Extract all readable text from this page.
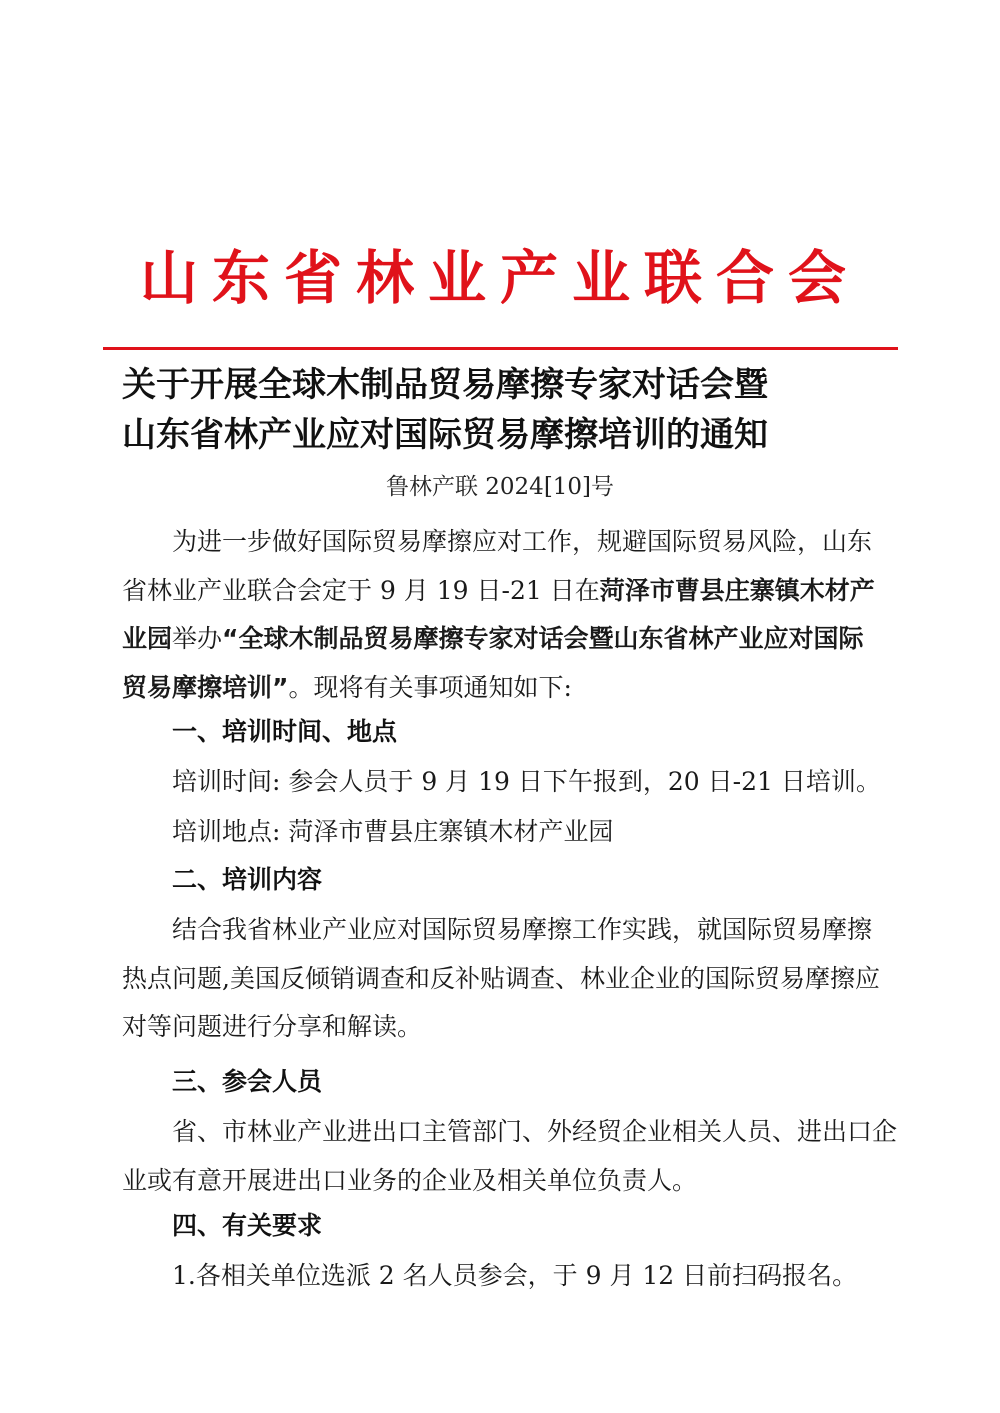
山东省林业产业联合会
关于开展全球木制品贸易摩擦专家对话会暨
山东省林产业应对国际贸易摩擦培训的通知
鲁林产联 2024[10]号
为进一步做好国际贸易摩擦应对工作，规避国际贸易风险，山东省林业产业联合会定于 9 月 19 日-21 日在菏泽市曹县庄寨镇木材产业园举办“全球木制品贸易摩擦专家对话会暨山东省林产业应对国际贸易摩擦培训”。现将有关事项通知如下:
一、培训时间、地点
培训时间: 参会人员于 9 月 19 日下午报到，20 日-21 日培训。
培训地点: 菏泽市曹县庄寨镇木材产业园
二、培训内容
结合我省林业产业应对国际贸易摩擦工作实践，就国际贸易摩擦热点问题,美国反倾销调查和反补贴调查、林业企业的国际贸易摩擦应对等问题进行分享和解读。
三、参会人员
省、市林业产业进出口主管部门、外经贸企业相关人员、进出口企业或有意开展进出口业务的企业及相关单位负责人。
四、有关要求
1.各相关单位选派 2 名人员参会，于 9 月 12 日前扫码报名。
